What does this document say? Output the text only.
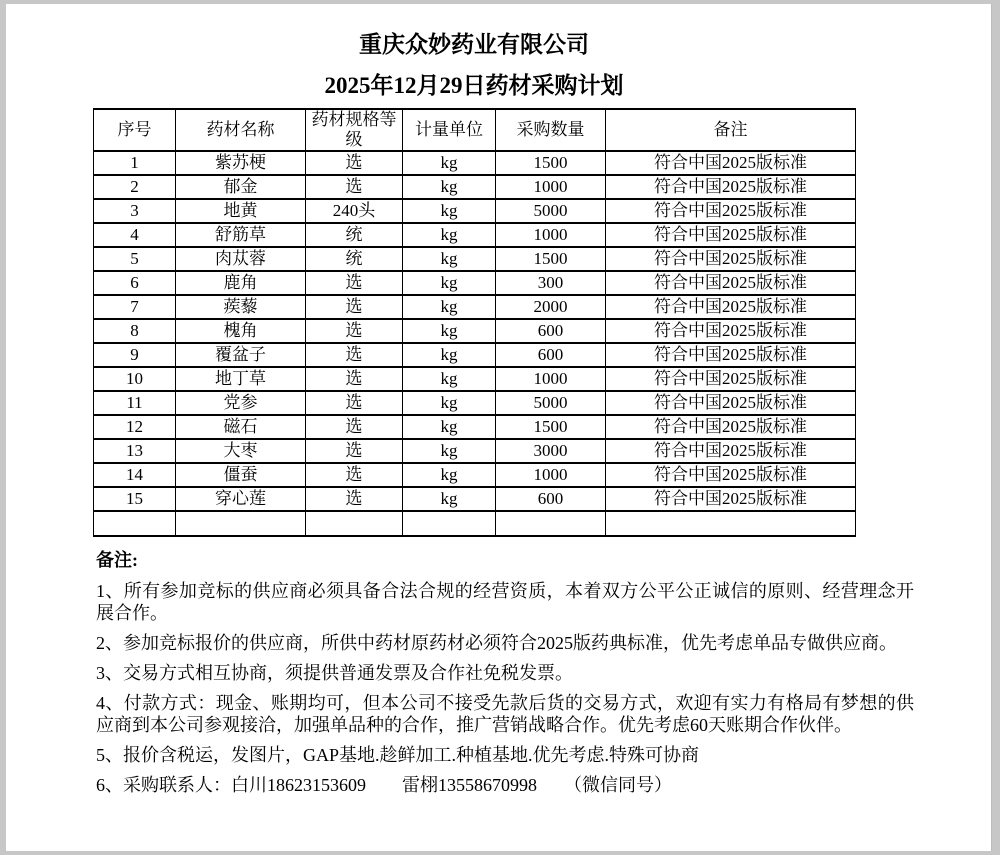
重庆众妙药业有限公司
2025年12月29日药材采购计划
序号	药材名称	药材规格等级	计量单位	采购数量	备注
1	紫苏梗	选	kg	1500	符合中国2025版标准
2	郁金	选	kg	1000	符合中国2025版标准
3	地黄	240头	kg	5000	符合中国2025版标准
4	舒筋草	统	kg	1000	符合中国2025版标准
5	肉苁蓉	统	kg	1500	符合中国2025版标准
6	鹿角	选	kg	300	符合中国2025版标准
7	蒺藜	选	kg	2000	符合中国2025版标准
8	槐角	选	kg	600	符合中国2025版标准
9	覆盆子	选	kg	600	符合中国2025版标准
10	地丁草	选	kg	1000	符合中国2025版标准
11	党参	选	kg	5000	符合中国2025版标准
12	磁石	选	kg	1500	符合中国2025版标准
13	大枣	选	kg	3000	符合中国2025版标准
14	僵蚕	选	kg	1000	符合中国2025版标准
15	穿心莲	选	kg	600	符合中国2025版标准

备注:

1、所有参加竞标的供应商必须具备合法合规的经营资质，本着双方公平公正诚信的原则、经营理念开展合作。

2、参加竞标报价的供应商，所供中药材原药材必须符合2025版药典标准，优先考虑单品专做供应商。

3、交易方式相互协商，须提供普通发票及合作社免税发票。

4、付款方式：现金、账期均可，但本公司不接受先款后货的交易方式，欢迎有实力有格局有梦想的供应商到本公司参观接洽，加强单品种的合作，推广营销战略合作。优先考虑60天账期合作伙伴。

5、报价含税运，发图片，GAP基地.趁鲜加工.种植基地.优先考虑.特殊可协商

6、采购联系人：白川18623153609　　雷栩13558670998　　（微信同号）
